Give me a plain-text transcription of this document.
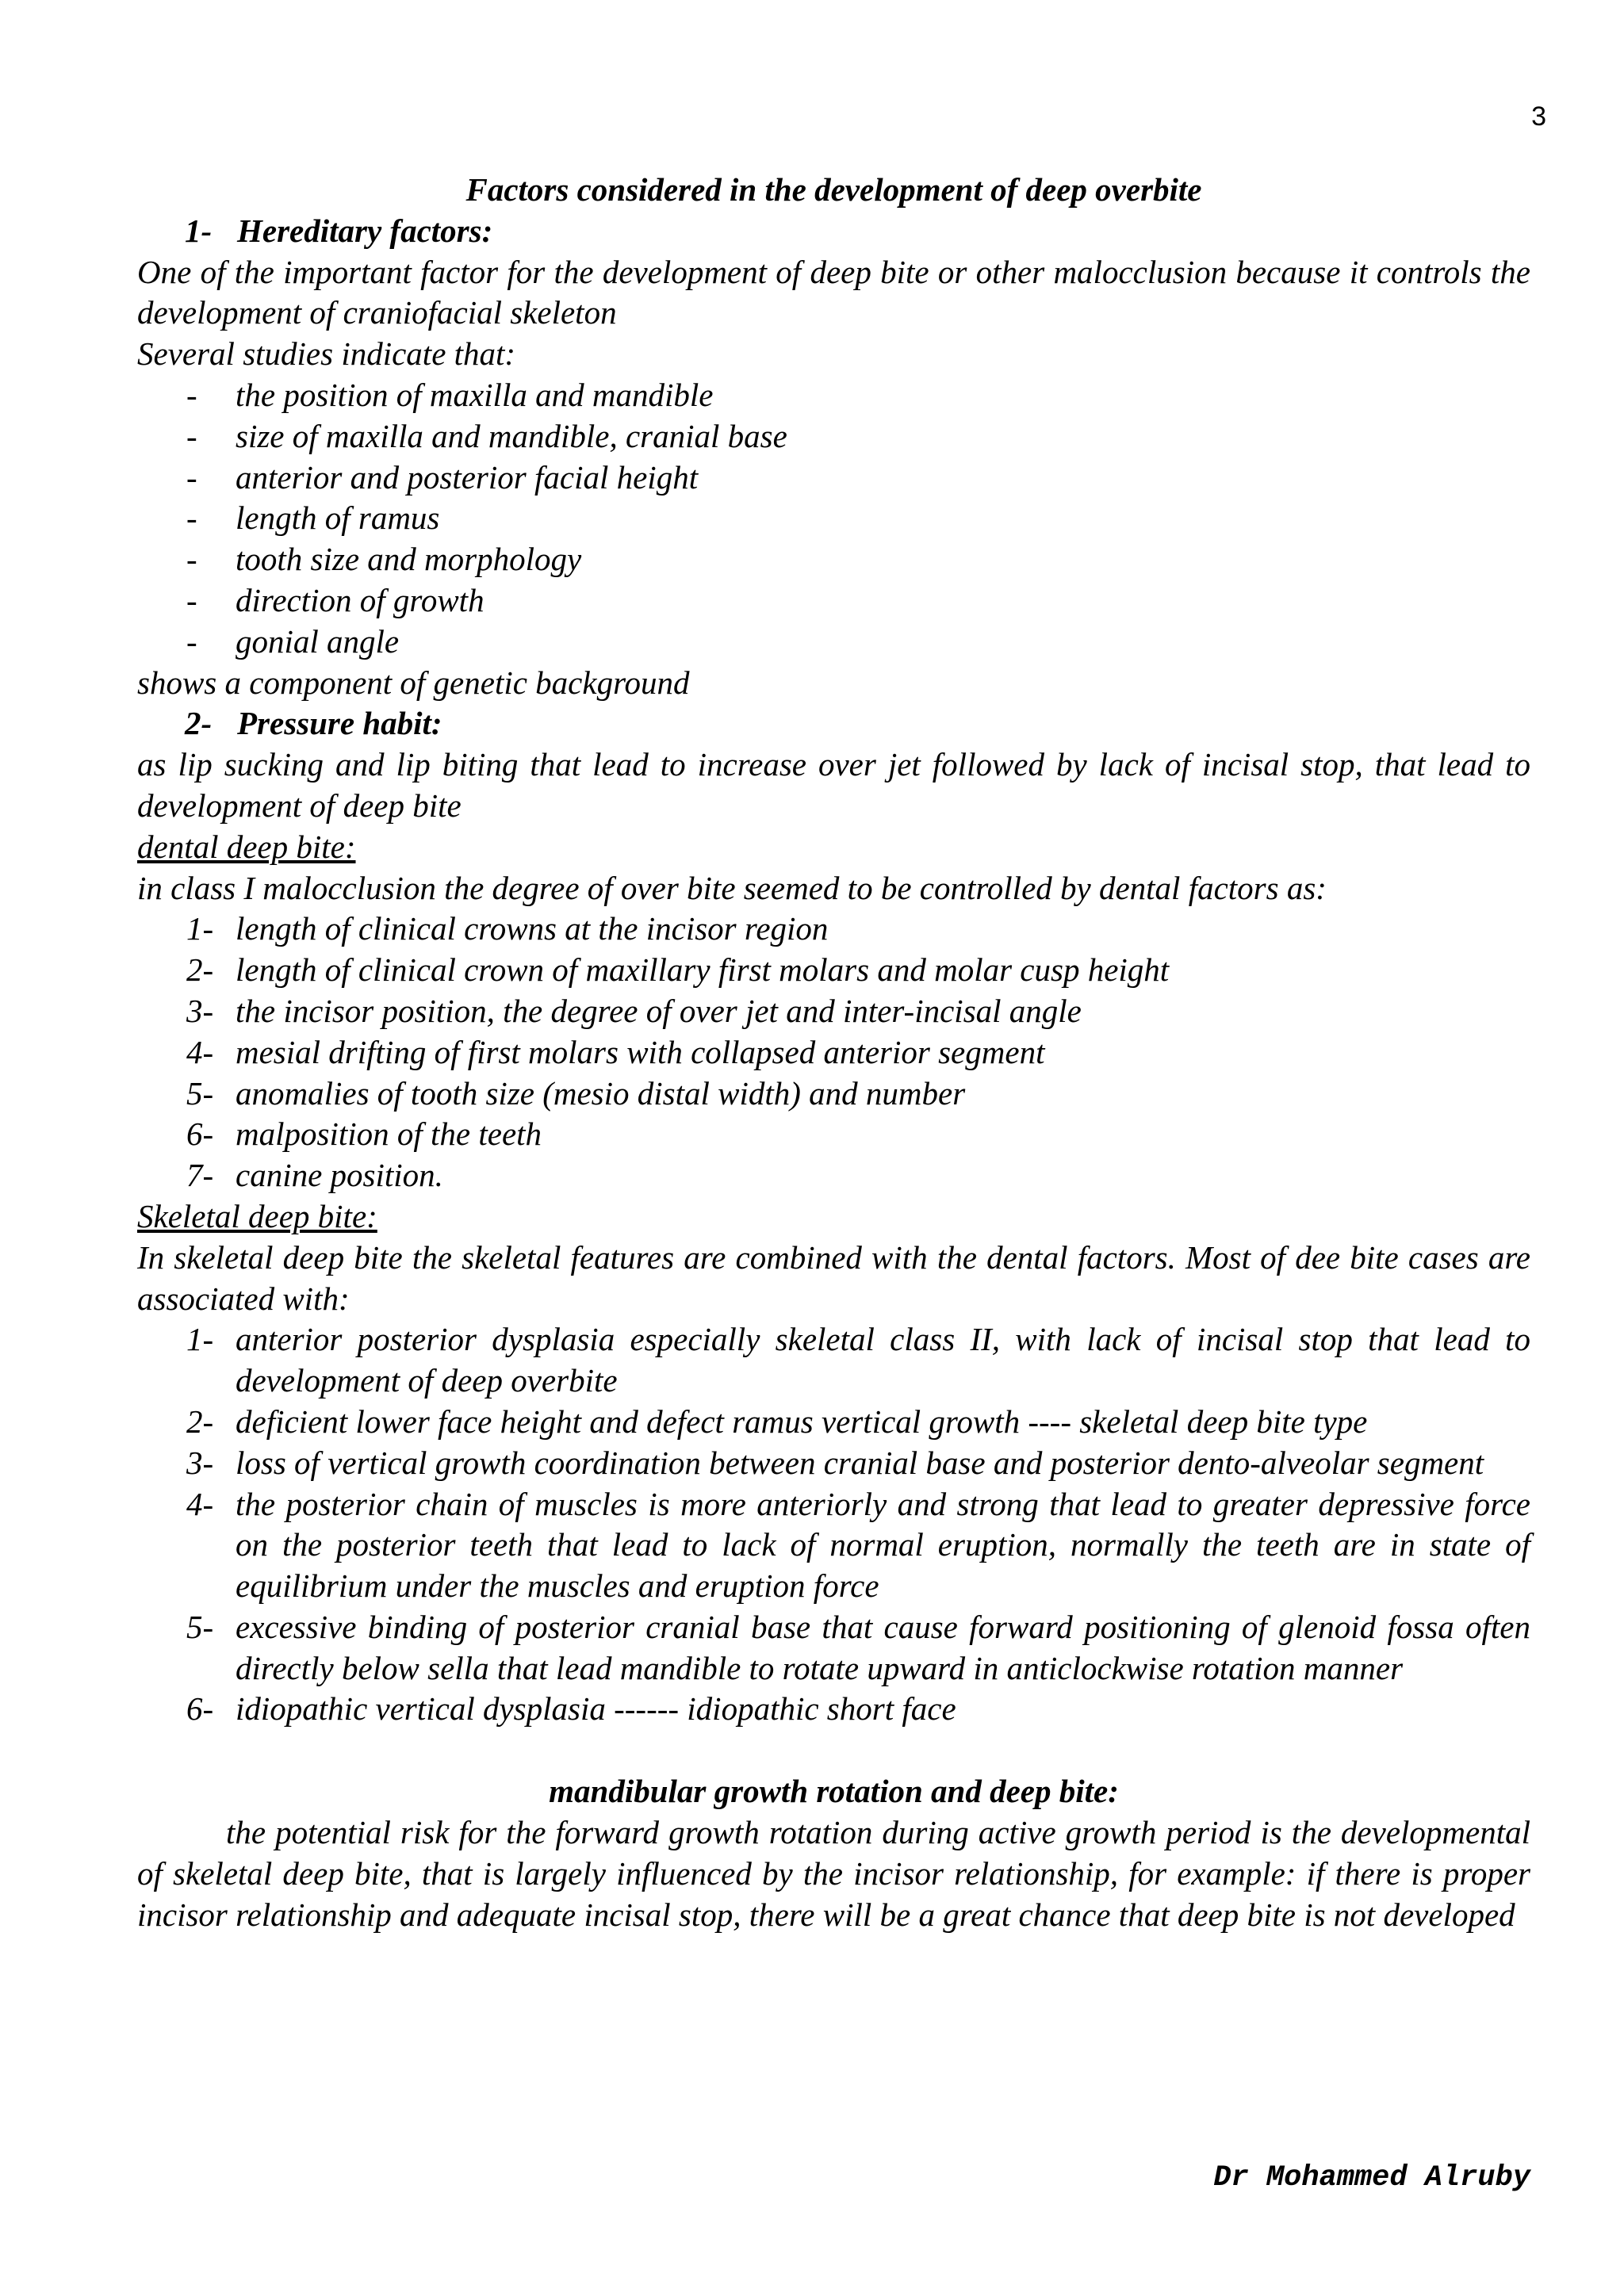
3

Factors considered in the development of deep overbite

1- Hereditary factors:

One of the important factor for the development of deep bite or other malocclusion because it controls the development of craniofacial skeleton

Several studies indicate that:

- the position of maxilla and mandible
- size of maxilla and mandible, cranial base
- anterior and posterior facial height
- length of ramus
- tooth size and morphology
- direction of growth
- gonial angle

shows a component of genetic background

2- Pressure habit:

as lip sucking and lip biting that lead to increase over jet followed by lack of incisal stop, that lead to development of deep bite

dental deep bite:

in class I malocclusion the degree of over bite seemed to be controlled by dental factors as:

1- length of clinical crowns at the incisor region
2- length of clinical crown of maxillary first molars and molar cusp height
3- the incisor position, the degree of over jet and inter-incisal angle
4- mesial drifting of first molars with collapsed anterior segment
5- anomalies of tooth size (mesio distal width) and number
6- malposition of the teeth
7- canine position.

Skeletal deep bite:

In skeletal deep bite the skeletal features are combined with the dental factors. Most of dee bite cases are associated with:

1- anterior posterior dysplasia especially skeletal class II, with lack of incisal stop that lead to development of deep overbite
2- deficient lower face height and defect ramus vertical growth ---- skeletal deep bite type
3- loss of vertical growth coordination between cranial base and posterior dento-alveolar segment
4- the posterior chain of muscles is more anteriorly and strong that lead to greater depressive force on the posterior teeth that lead to lack of normal eruption, normally the teeth are in state of equilibrium under the muscles and eruption force
5- excessive binding of posterior cranial base that cause forward positioning of glenoid fossa often directly below sella that lead mandible to rotate upward in anticlockwise rotation manner
6- idiopathic vertical dysplasia ------ idiopathic short face

mandibular growth rotation and deep bite:

the potential risk for the forward growth rotation during active growth period is the developmental of skeletal deep bite, that is largely influenced by the incisor relationship, for example: if there is proper incisor relationship and adequate incisal stop, there will be a great chance that deep bite is not developed

Dr Mohammed Alruby
